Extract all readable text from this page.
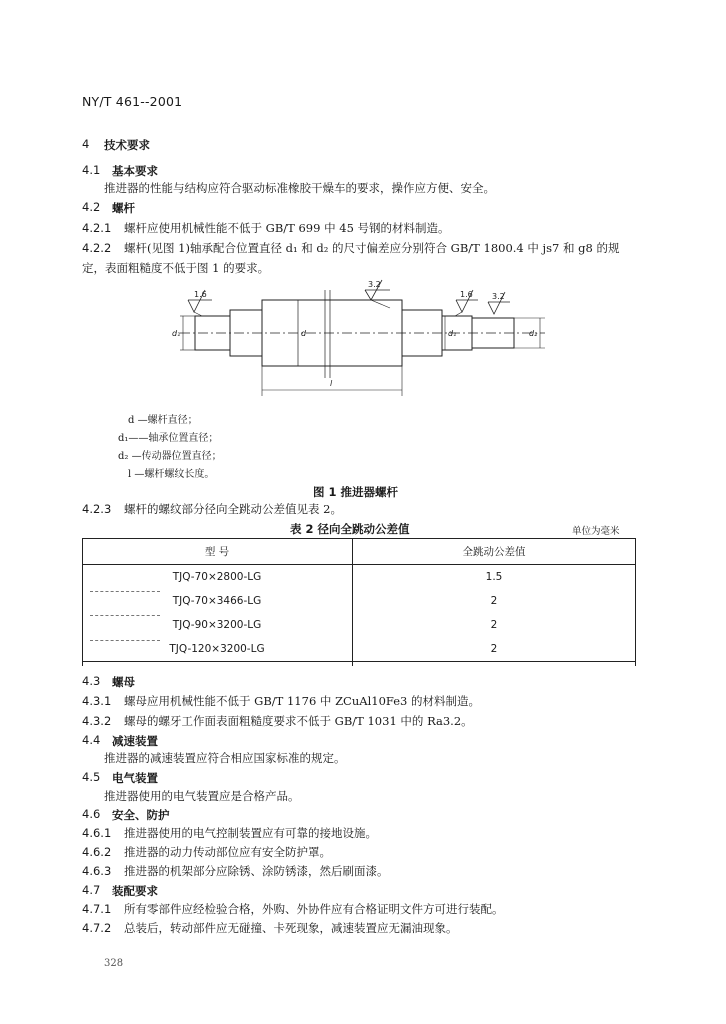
NY/T 461--2001
4 技术要求
4.1 基本要求
推进器的性能与结构应符合驱动标准橡胶干燥车的要求，操作应方便、安全。
4.2 螺杆
4.2.1 螺杆应使用机械性能不低于 GB/T 699 中 45 号钢的材料制造。
4.2.2 螺杆(见图 1)轴承配合位置直径 d₁ 和 d₂ 的尺寸偏差应分别符合 GB/T 1800.4 中 js7 和 g8 的规
定，表面粗糙度不低于图 1 的要求。
1.6
3.2
1.6 3.2
d
d₁	d₁	d₂
l
d —螺杆直径；
d₁——轴承位置直径；
d₂ —传动器位置直径；
l —螺杆螺纹长度。
图 1 推进器螺杆
4.2.3 螺杆的螺纹部分径向全跳动公差值见表 2。
表 2 径向全跳动公差值	单位为毫米
型 号	全跳动公差值
TJQ-70×2800-LG	1.5
TJQ-70×3466-LG	2
TJQ-90×3200-LG	2
TJQ-120×3200-LG	2
4.3 螺母
4.3.1 螺母应用机械性能不低于 GB/T 1176 中 ZCuAl10Fe3 的材料制造。
4.3.2 螺母的螺牙工作面表面粗糙度要求不低于 GB/T 1031 中的 Ra3.2。
4.4 减速装置
推进器的减速装置应符合相应国家标准的规定。
4.5 电气装置
推进器使用的电气装置应是合格产品。
4.6 安全、防护
4.6.1 推进器使用的电气控制装置应有可靠的接地设施。
4.6.2 推进器的动力传动部位应有安全防护罩。
4.6.3 推进器的机架部分应除锈、涂防锈漆，然后刷面漆。
4.7 装配要求
4.7.1 所有零部件应经检验合格，外购、外协件应有合格证明文件方可进行装配。
4.7.2 总装后，转动部件应无碰撞、卡死现象，减速装置应无漏油现象。
328
